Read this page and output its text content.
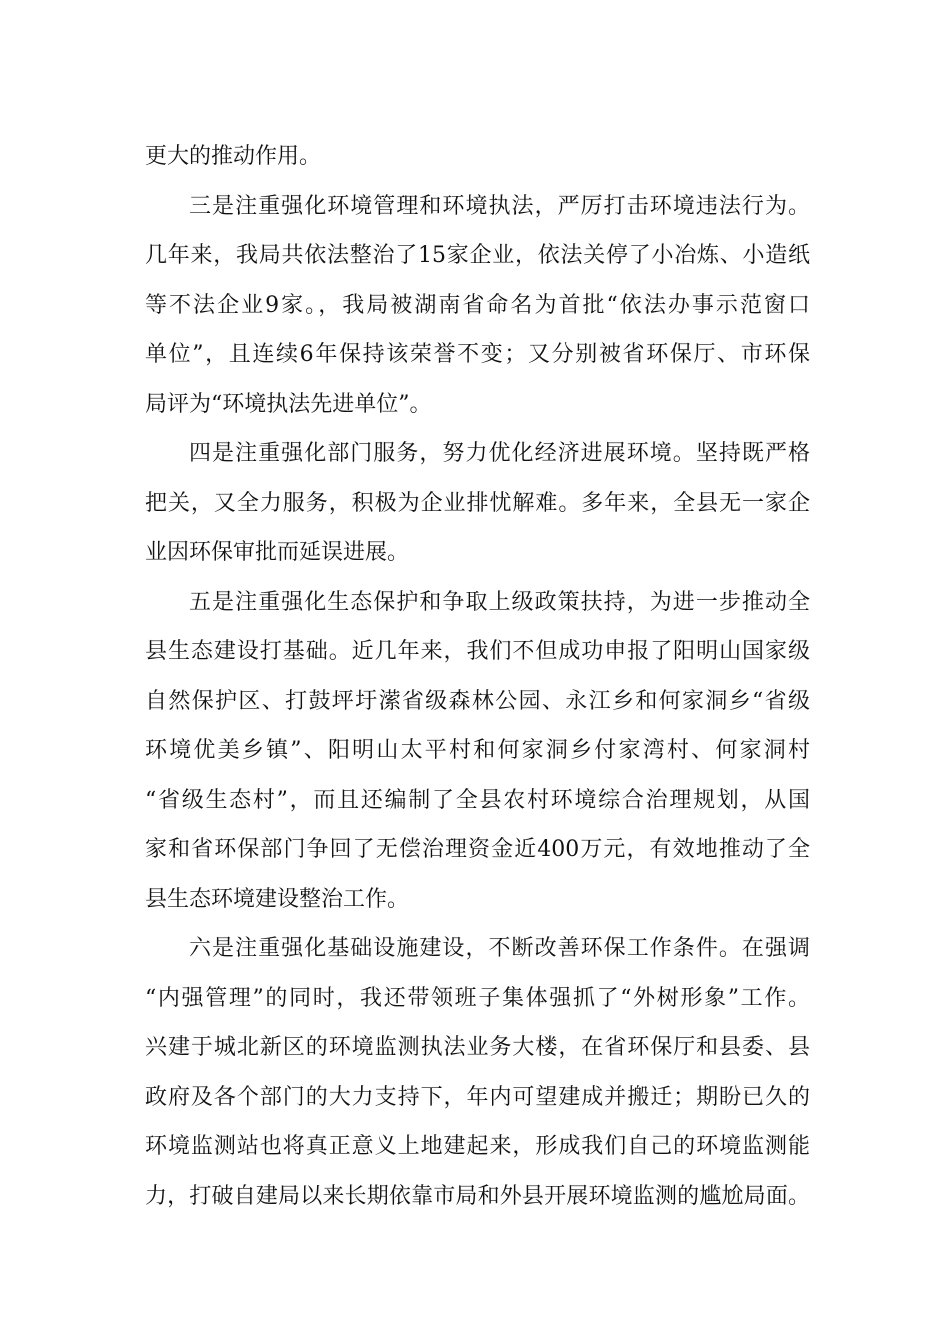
更大的推动作用。
三是注重强化环境管理和环境执法，严厉打击环境违法行为。
几年来，我局共依法整治了15家企业，依法关停了小冶炼、小造纸
等不法企业9家。，我局被湖南省命名为首批“依法办事示范窗口
单位”，且连续6年保持该荣誉不变；又分别被省环保厅、市环保
局评为“环境执法先进单位”。
四是注重强化部门服务，努力优化经济进展环境。坚持既严格
把关，又全力服务，积极为企业排忧解难。多年来，全县无一家企
业因环保审批而延误进展。
五是注重强化生态保护和争取上级政策扶持，为进一步推动全
县生态建设打基础。近几年来，我们不但成功申报了阳明山国家级
自然保护区、打鼓坪圩潆省级森林公园、永江乡和何家洞乡“省级
环境优美乡镇”、阳明山太平村和何家洞乡付家湾村、何家洞村
“省级生态村”，而且还编制了全县农村环境综合治理规划，从国
家和省环保部门争回了无偿治理资金近400万元，有效地推动了全
县生态环境建设整治工作。
六是注重强化基础设施建设，不断改善环保工作条件。在强调
“内强管理”的同时，我还带领班子集体强抓了“外树形象”工作。
兴建于城北新区的环境监测执法业务大楼，在省环保厅和县委、县
政府及各个部门的大力支持下，年内可望建成并搬迁；期盼已久的
环境监测站也将真正意义上地建起来，形成我们自己的环境监测能
力，打破自建局以来长期依靠市局和外县开展环境监测的尴尬局面。
